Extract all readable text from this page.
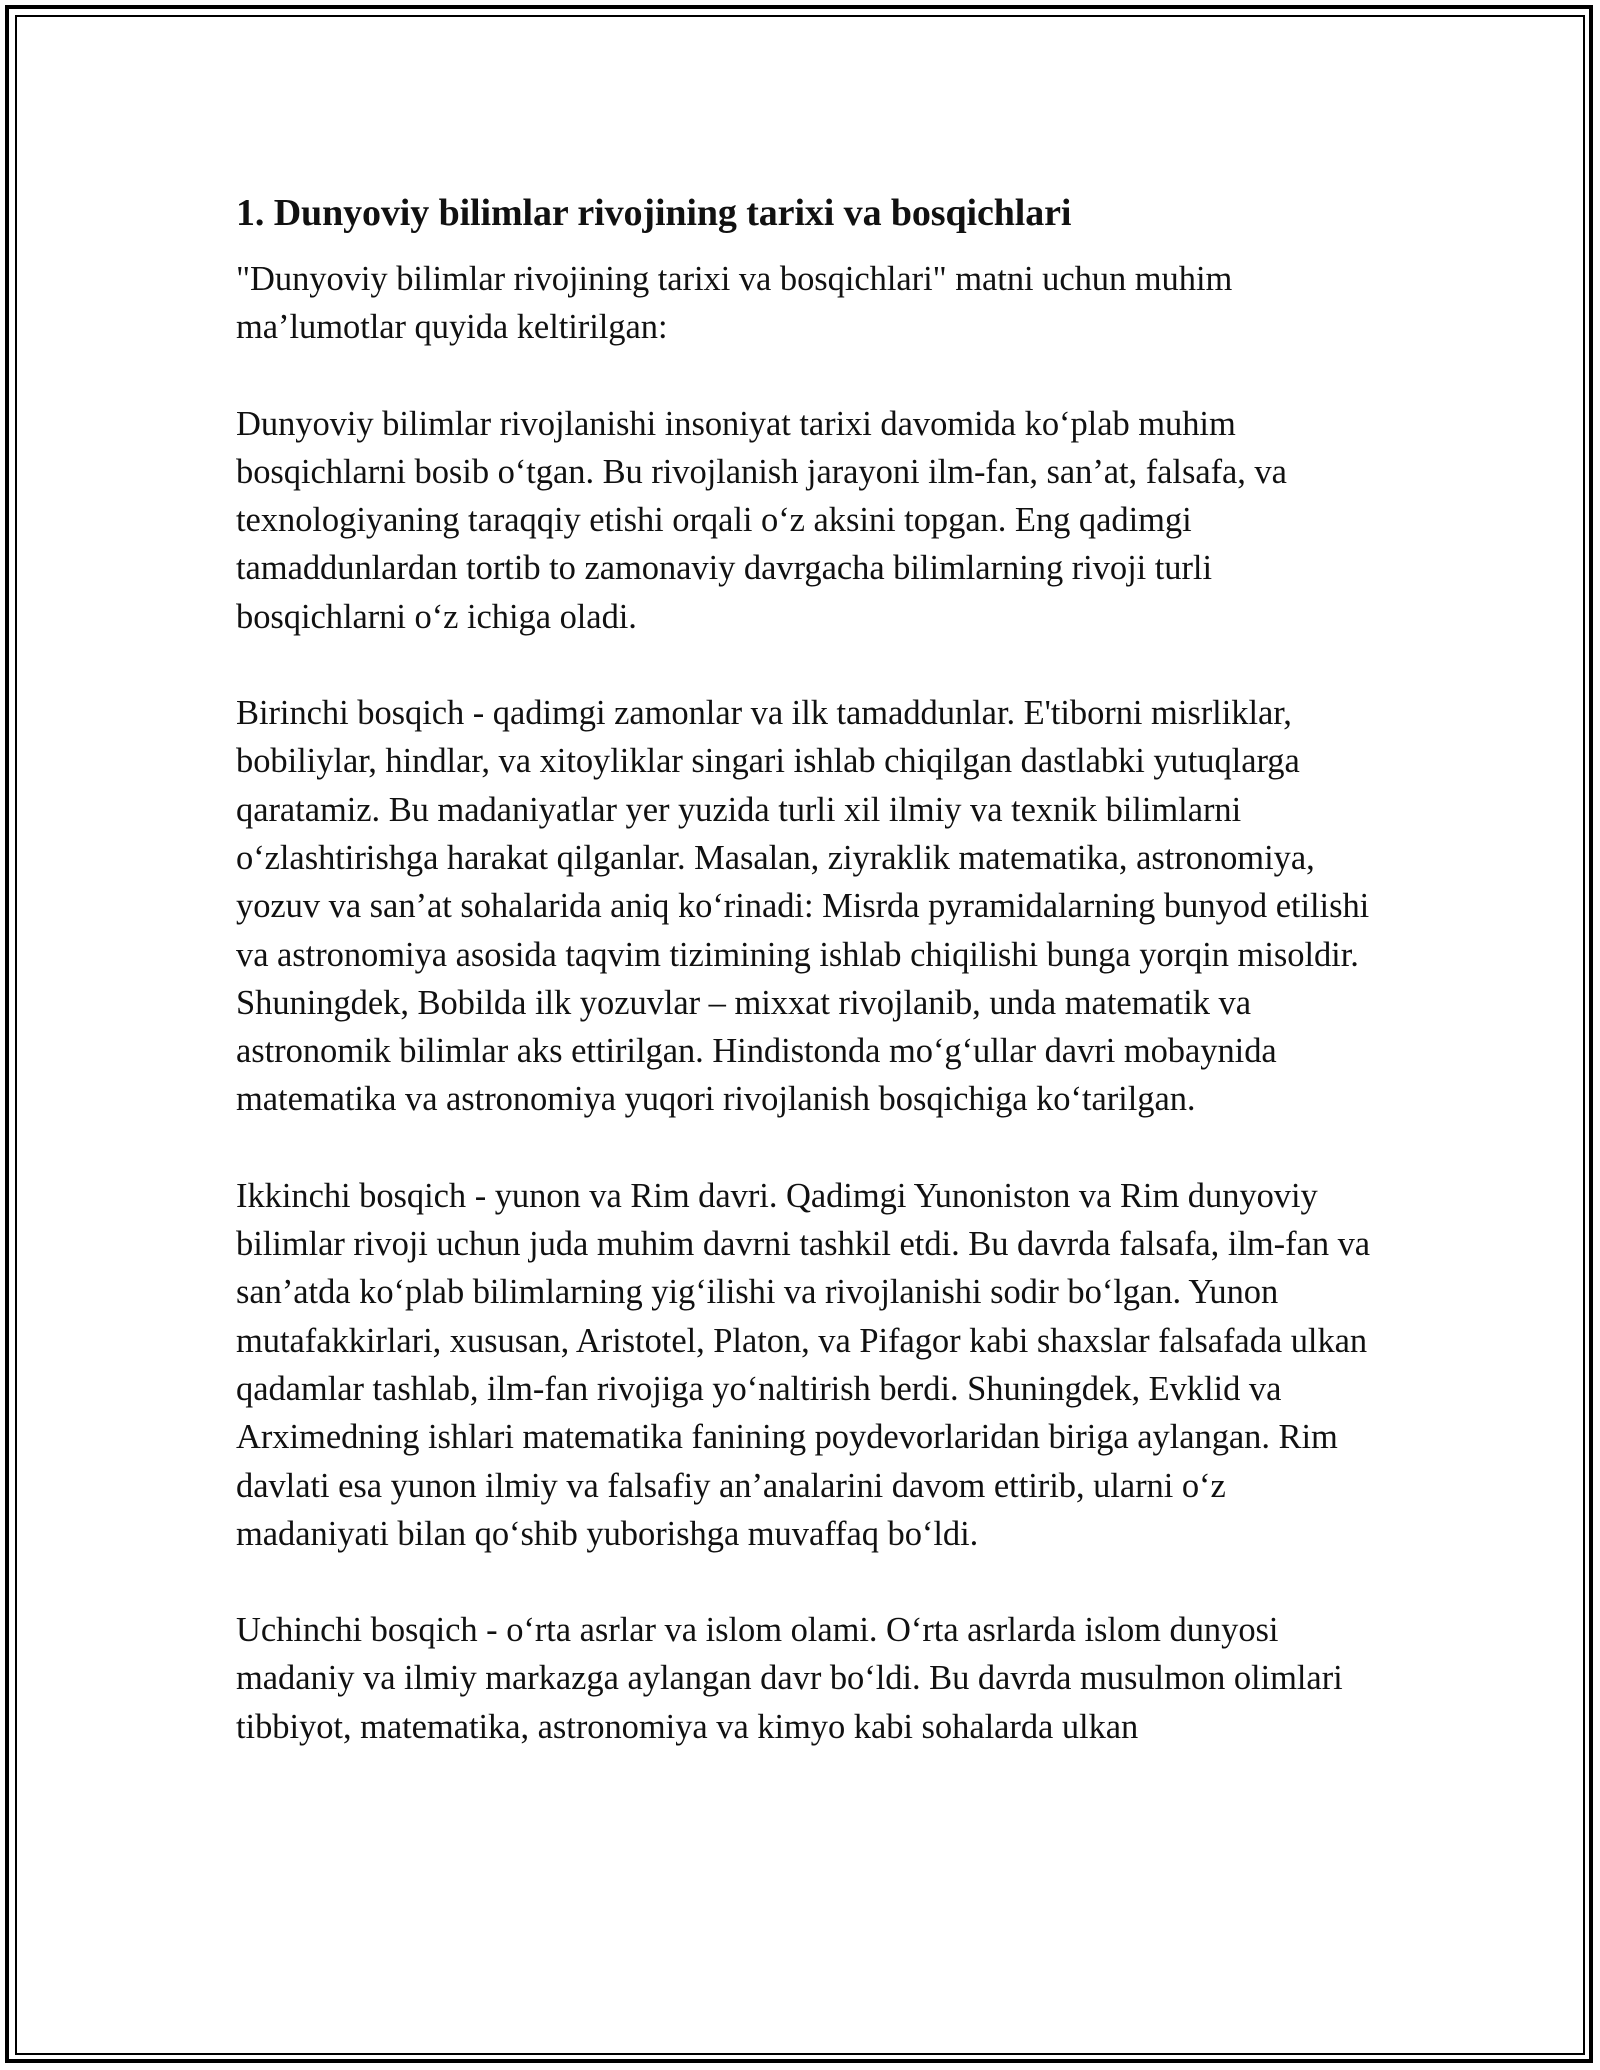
1. Dunyoviy bilimlar rivojining tarixi va bosqichlari

"Dunyoviy bilimlar rivojining tarixi va bosqichlari" matni uchun muhim ma’lumotlar quyida keltirilgan:

Dunyoviy bilimlar rivojlanishi insoniyat tarixi davomida ko‘plab muhim bosqichlarni bosib o‘tgan. Bu rivojlanish jarayoni ilm-fan, san’at, falsafa, va texnologiyaning taraqqiy etishi orqali o‘z aksini topgan. Eng qadimgi tamaddunlardan tortib to zamonaviy davrgacha bilimlarning rivoji turli bosqichlarni o‘z ichiga oladi.

Birinchi bosqich - qadimgi zamonlar va ilk tamaddunlar. E'tiborni misrliklar, bobiliylar, hindlar, va xitoyliklar singari ishlab chiqilgan dastlabki yutuqlarga qaratamiz. Bu madaniyatlar yer yuzida turli xil ilmiy va texnik bilimlarni o‘zlashtirishga harakat qilganlar. Masalan, ziyraklik matematika, astronomiya, yozuv va san’at sohalarida aniq ko‘rinadi: Misrda pyramidalarning bunyod etilishi va astronomiya asosida taqvim tizimining ishlab chiqilishi bunga yorqin misoldir. Shuningdek, Bobilda ilk yozuvlar – mixxat rivojlanib, unda matematik va astronomik bilimlar aks ettirilgan. Hindistonda mo‘g‘ullar davri mobaynida matematika va astronomiya yuqori rivojlanish bosqichiga ko‘tarilgan.

Ikkinchi bosqich - yunon va Rim davri. Qadimgi Yunoniston va Rim dunyoviy bilimlar rivoji uchun juda muhim davrni tashkil etdi. Bu davrda falsafa, ilm-fan va san’atda ko‘plab bilimlarning yig‘ilishi va rivojlanishi sodir bo‘lgan. Yunon mutafakkirlari, xususan, Aristotel, Platon, va Pifagor kabi shaxslar falsafada ulkan qadamlar tashlab, ilm-fan rivojiga yo‘naltirish berdi. Shuningdek, Evklid va Arximedning ishlari matematika fanining poydevorlaridan biriga aylangan. Rim davlati esa yunon ilmiy va falsafiy an’analarini davom ettirib, ularni o‘z madaniyati bilan qo‘shib yuborishga muvaffaq bo‘ldi.

Uchinchi bosqich - o‘rta asrlar va islom olami. O‘rta asrlarda islom dunyosi madaniy va ilmiy markazga aylangan davr bo‘ldi. Bu davrda musulmon olimlari tibbiyot, matematika, astronomiya va kimyo kabi sohalarda ulkan
